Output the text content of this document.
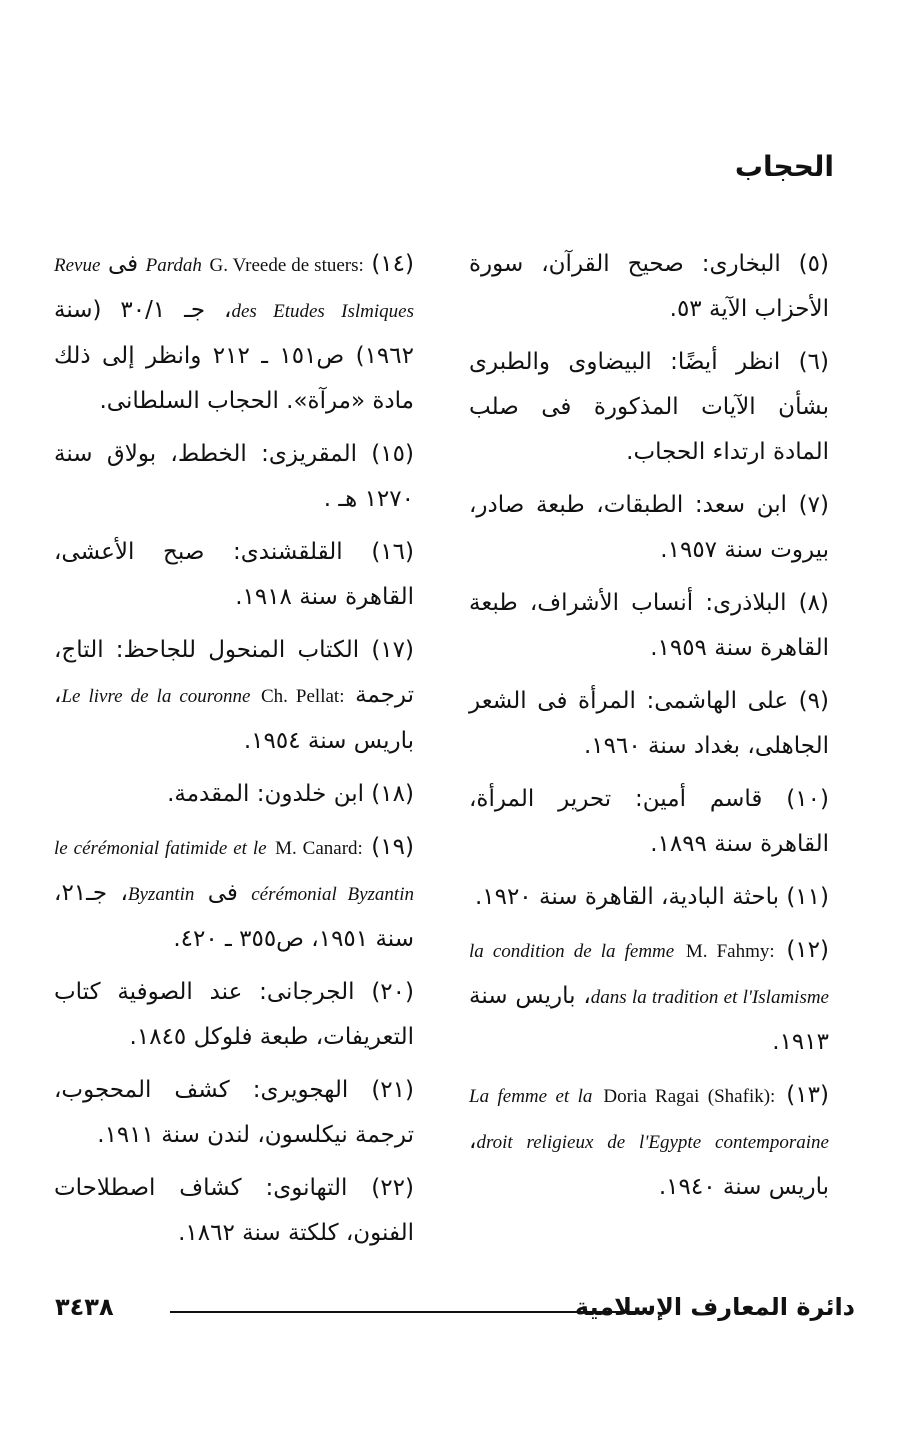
الحجاب
(٥) البخارى: صحيح القرآن، سورة الأحزاب الآية ٥٣.
(٦) انظر أيضًا: البيضاوى والطبرى بشأن الآيات المذكورة فى صلب المادة ارتداء الحجاب.
(٧) ابن سعد: الطبقات، طبعة صادر، بيروت سنة ١٩٥٧.
(٨) البلاذرى: أنساب الأشراف، طبعة القاهرة سنة ١٩٥٩.
(٩) على الهاشمى: المرأة فى الشعر الجاهلى، بغداد سنة ١٩٦٠.
(١٠) قاسم أمين: تحرير المرأة، القاهرة سنة ١٨٩٩.
(١١) باحثة البادية، القاهرة سنة ١٩٢٠.
(١٢) M. Fahmy: la condition de la femme dans la tradition et l'Islamisme، باريس سنة ١٩١٣.
(١٣) Doria Ragai (Shafik): La femme et la droit religieux de l'Egypte contemporaine، باريس سنة ١٩٤٠.
(١٤) G. Vreede de stuers: Pardah فى Revue des Etudes Islmiques، جـ ٣٠/١ (سنة ١٩٦٢) ص١٥١ ـ ٢١٢ وانظر إلى ذلك مادة «مرآة». الحجاب السلطانى.
(١٥) المقريزى: الخطط، بولاق سنة ١٢٧٠ هـ .
(١٦) القلقشندى: صبح الأعشى، القاهرة سنة ١٩١٨.
(١٧) الكتاب المنحول للجاحظ: التاج، ترجمة Ch. Pellat: Le livre de la couronne، باريس سنة ١٩٥٤.
(١٨) ابن خلدون: المقدمة.
(١٩) M. Canard: le cérémonial fatimide et le cérémonial Byzantin فى Byzantin، جـ٢١، سنة ١٩٥١، ص٣٥٥ ـ ٤٢٠.
(٢٠) الجرجانى: عند الصوفية كتاب التعريفات، طبعة فلوكل ١٨٤٥.
(٢١) الهجويرى: كشف المحجوب، ترجمة نيكلسون، لندن سنة ١٩١١.
(٢٢) التهانوى: كشاف اصطلاحات الفنون، كلكتة سنة ١٨٦٢.
٣٤٣٨	دائرة المعارف الإسلامية
